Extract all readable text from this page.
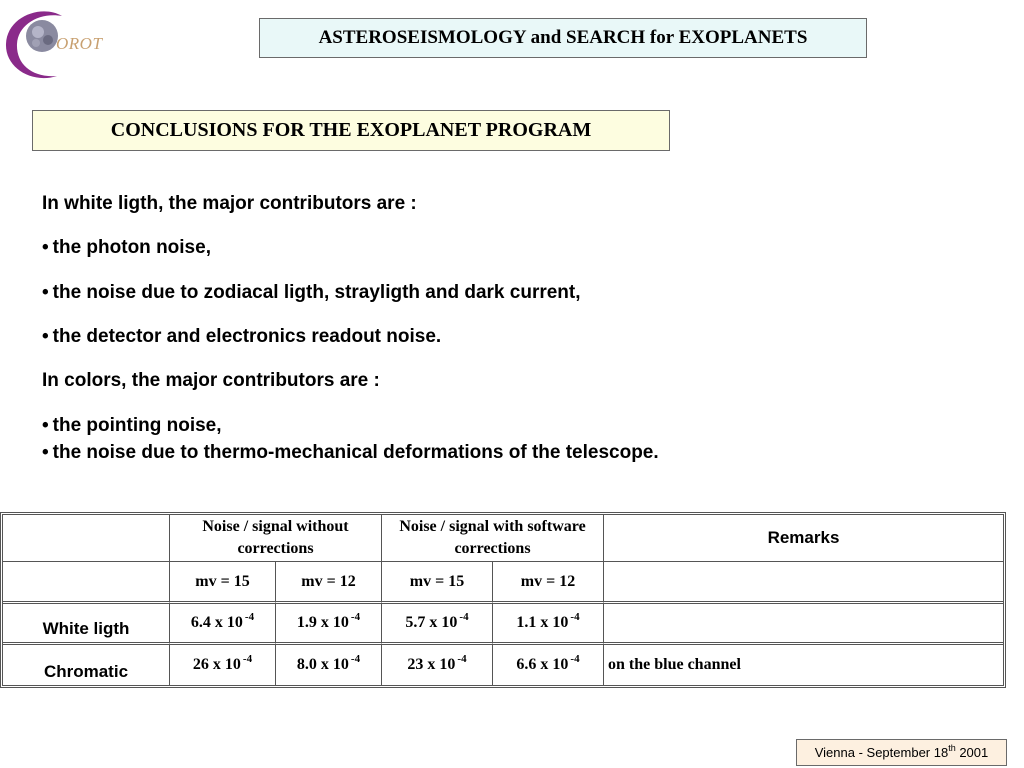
OROT	ASTEROSEISMOLOGY and SEARCH for EXOPLANETS
CONCLUSIONS FOR THE EXOPLANET PROGRAM
In white ligth, the major contributors are :
• the photon noise,
• the noise due to zodiacal ligth, strayligth and dark current,
• the detector and electronics readout noise.
In colors, the major contributors are :
• the pointing noise,
• the noise due to thermo-mechanical deformations of the telescope.
	Noise / signal without corrections		Noise / signal with software corrections		Remarks
	mv = 15	mv = 12	mv = 15	mv = 12	
White ligth	6.4 x 10 $^{-4}$	1.9 x 10 $^{-4}$	5.7 x 10 $^{-4}$	1.1 x 10 $^{-4}$	
Chromatic	26 x 10 $^{-4}$	8.0 x 10 $^{-4}$	23 x 10 $^{-4}$	6.6 x 10 $^{-4}$	on the blue channel
Vienna - September 18 th 2001
